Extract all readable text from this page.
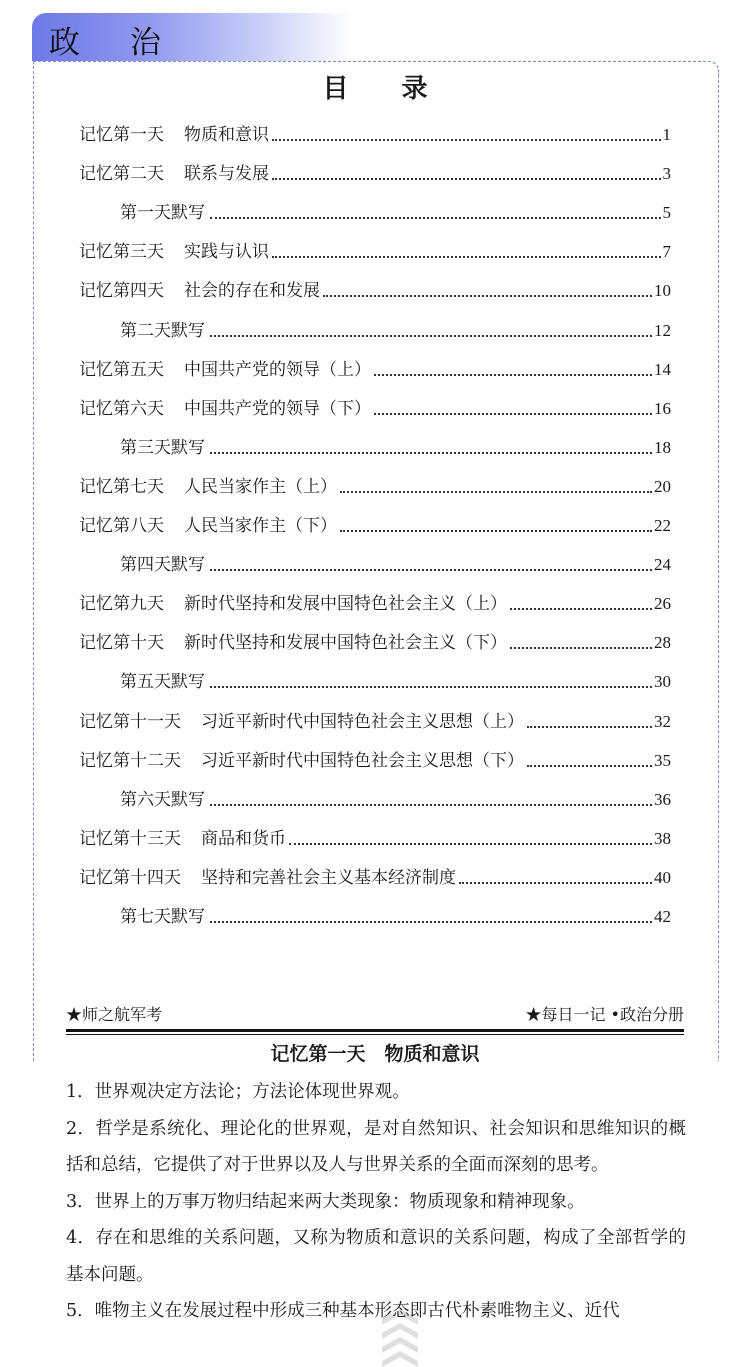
政 治
目 录
记忆第一天 物质和意识	1
记忆第二天 联系与发展	3
第一天默写	5
记忆第三天 实践与认识	7
记忆第四天 社会的存在和发展	10
第二天默写	12
记忆第五天 中国共产党的领导（上）	14
记忆第六天 中国共产党的领导（下）	16
第三天默写	18
记忆第七天 人民当家作主（上）	20
记忆第八天 人民当家作主（下）	22
第四天默写	24
记忆第九天 新时代坚持和发展中国特色社会主义（上）	26
记忆第十天 新时代坚持和发展中国特色社会主义（下）	28
第五天默写	30
记忆第十一天 习近平新时代中国特色社会主义思想（上）	32
记忆第十二天 习近平新时代中国特色社会主义思想（下）	35
第六天默写	36
记忆第十三天 商品和货币	38
记忆第十四天 坚持和完善社会主义基本经济制度	40
第七天默写	42
★师之航军考	★每日一记 •政治分册
记忆第一天　物质和意识

1．世界观决定方法论；方法论体现世界观。

2．哲学是系统化、理论化的世界观，是对自然知识、社会知识和思维知识的概括和总结，它提供了对于世界以及人与世界关系的全面而深刻的思考。

3．世界上的万事万物归结起来两大类现象：物质现象和精神现象。

4．存在和思维的关系问题，又称为物质和意识的关系问题，构成了全部哲学的基本问题。

5．唯物主义在发展过程中形成三种基本形态即古代朴素唯物主义、近代
